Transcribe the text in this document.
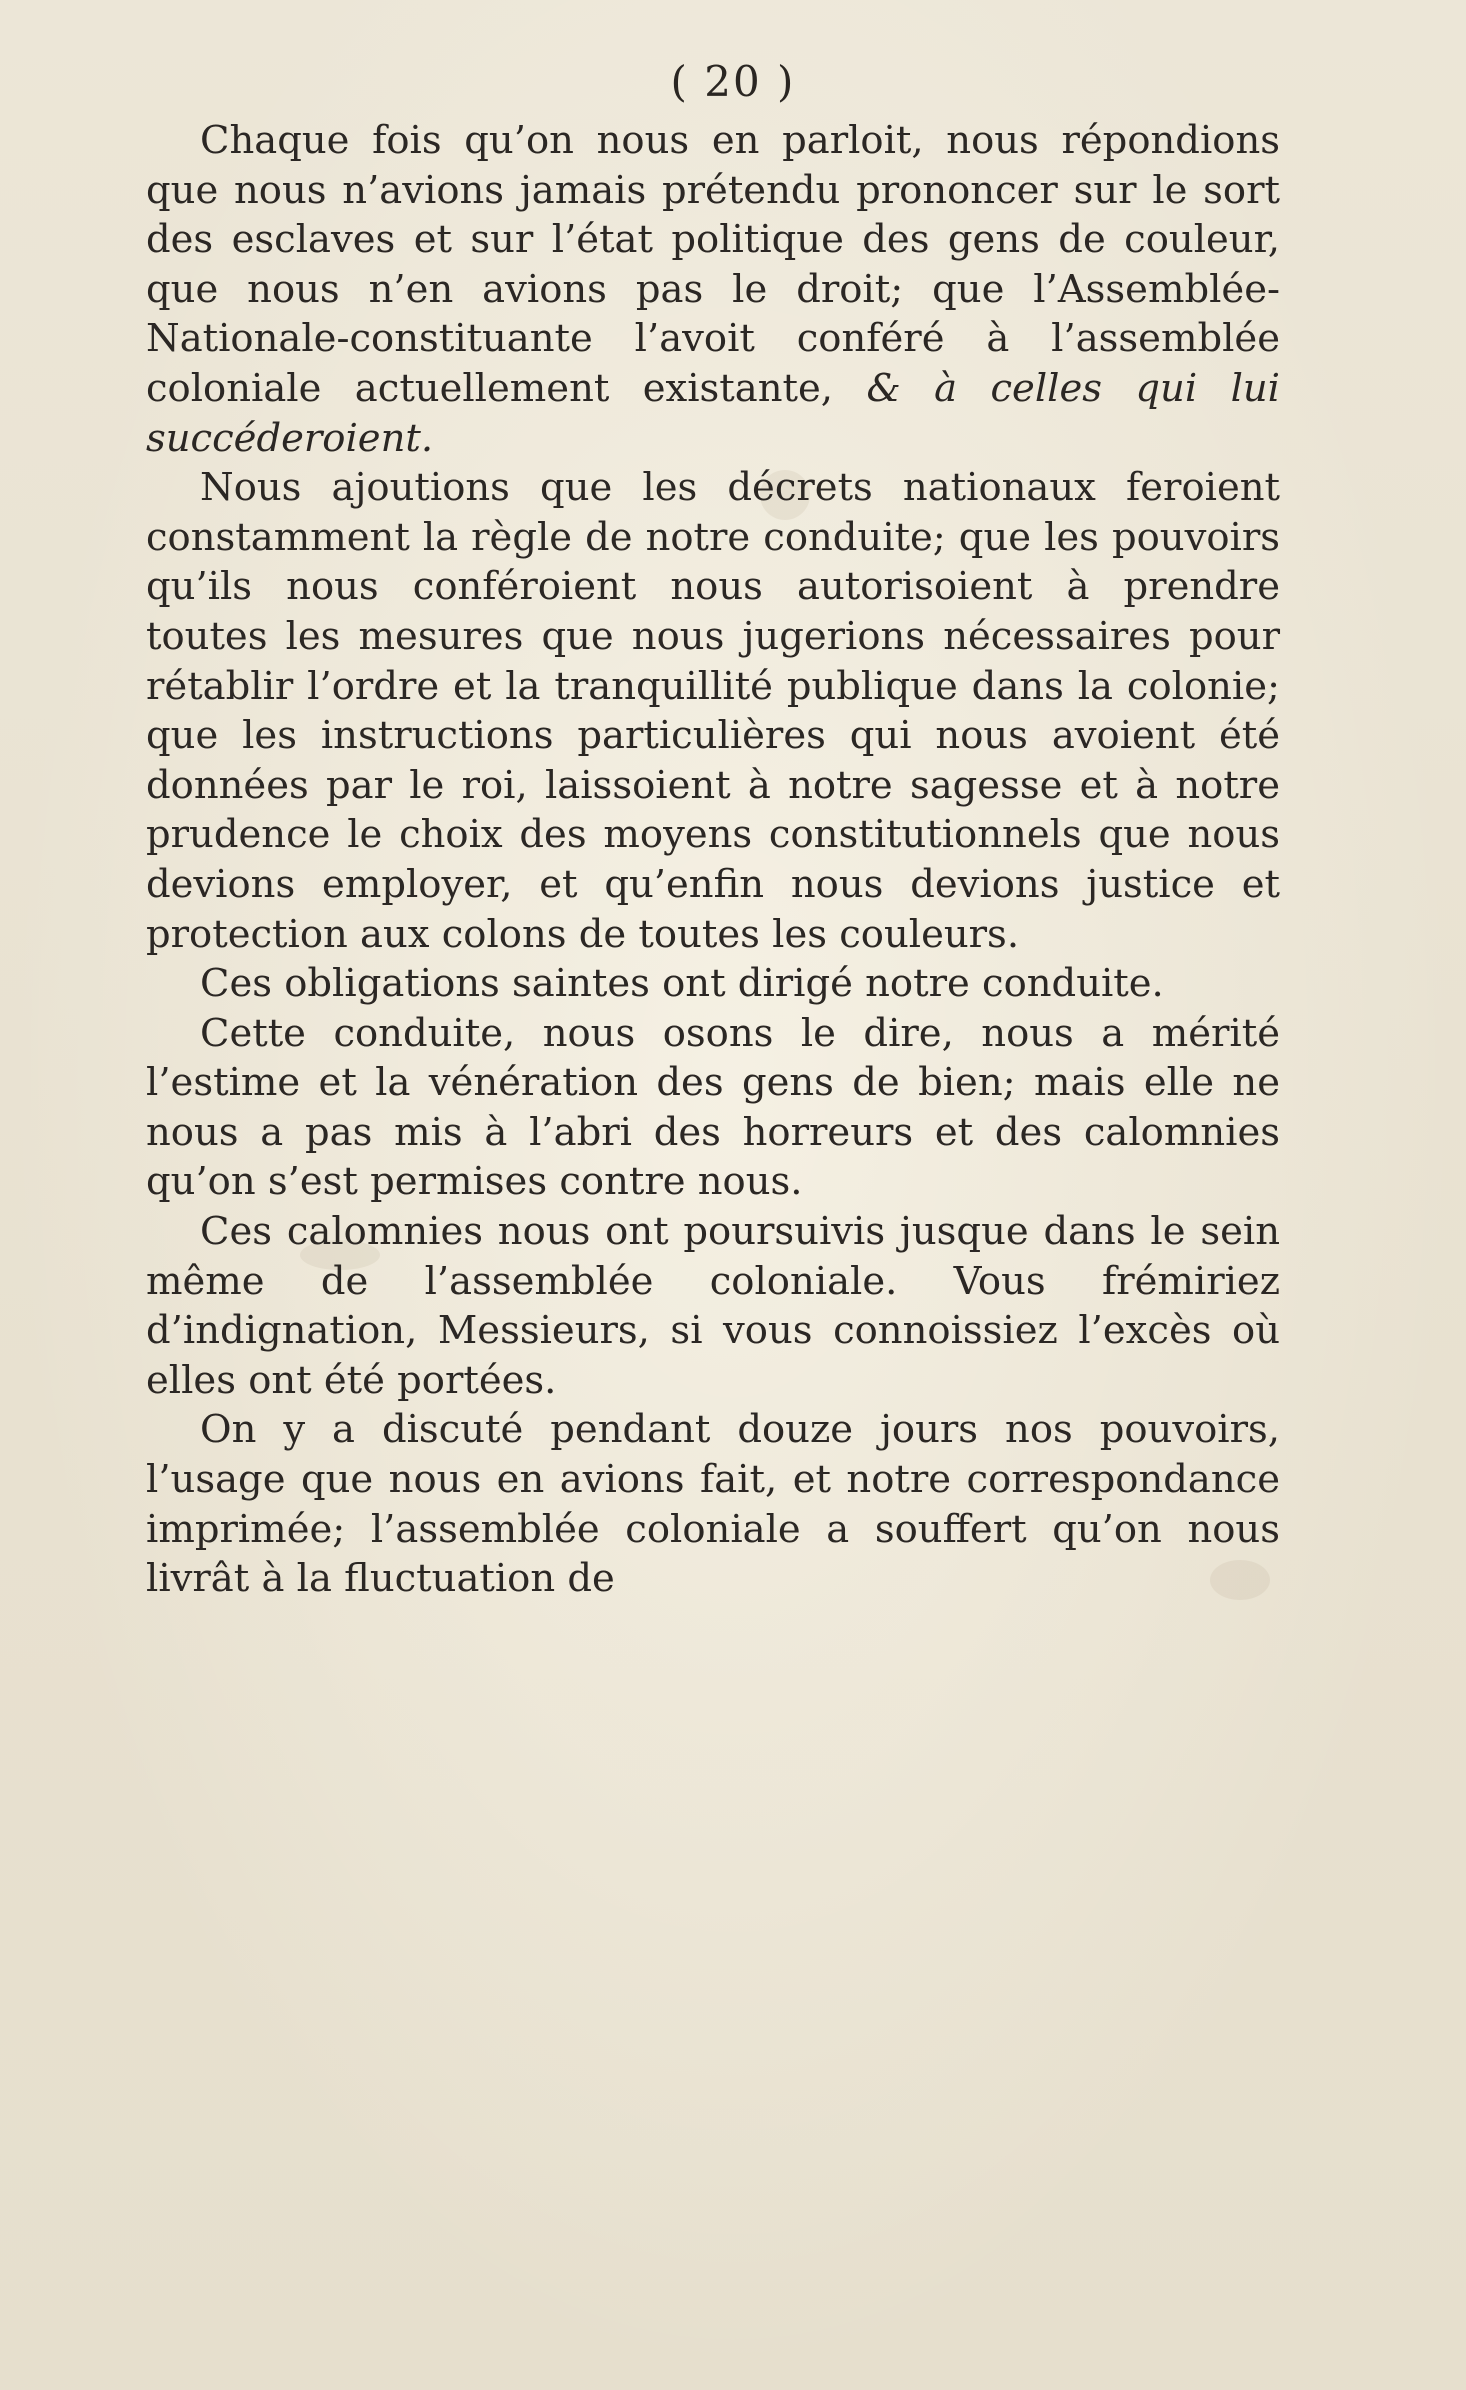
( 20 )

Chaque fois qu’on nous en parloit, nous répondions que nous n’avions jamais prétendu prononcer sur le sort des esclaves et sur l’état politique des gens de couleur, que nous n’en avions pas le droit; que l’Assemblée-Nationale-constituante l’avoit conféré à l’assemblée coloniale actuellement existante, & à celles qui lui succéderoient.

Nous ajoutions que les décrets nationaux feroient constamment la règle de notre conduite; que les pouvoirs qu’ils nous conféroient nous autorisoient à prendre toutes les mesures que nous jugerions nécessaires pour rétablir l’ordre et la tranquillité publique dans la colonie; que les instructions particulières qui nous avoient été données par le roi, laissoient à notre sagesse et à notre prudence le choix des moyens constitutionnels que nous devions employer, et qu’enfin nous devions justice et protection aux colons de toutes les couleurs.

Ces obligations saintes ont dirigé notre conduite.

Cette conduite, nous osons le dire, nous a mérité l’estime et la vénération des gens de bien; mais elle ne nous a pas mis à l’abri des horreurs et des calomnies qu’on s’est permises contre nous.

Ces calomnies nous ont poursuivis jusque dans le sein même de l’assemblée coloniale. Vous frémiriez d’indignation, Messieurs, si vous connoissiez l’excès où elles ont été portées.

On y a discuté pendant douze jours nos pouvoirs, l’usage que nous en avions fait, et notre correspondance imprimée; l’assemblée coloniale a souffert qu’on nous livrât à la fluctuation de
